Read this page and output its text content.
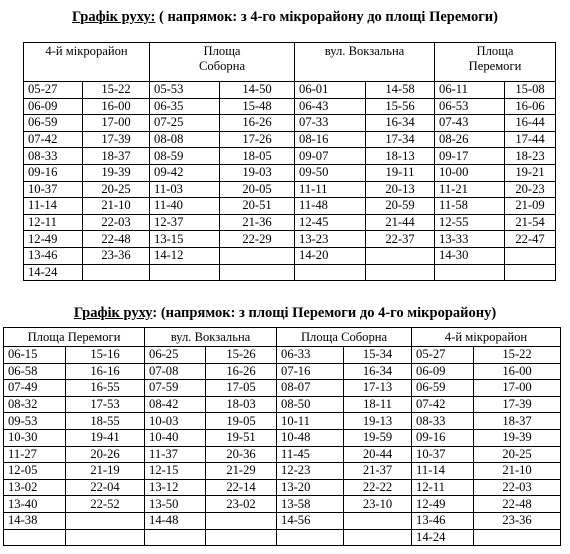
Графік руху: ( напрямок: з 4-го мікрорайону до площі Перемоги)
4-й мікрорайон		Площа
Соборна		вул. Вокзальна		Площа
Перемоги	

05-27	15-22	05-53	14-50	06-01	14-58	06-11	15-08
06-09	16-00	06-35	15-48	06-43	15-56	06-53	16-06
06-59	17-00	07-25	16-26	07-33	16-34	07-43	16-44
07-42	17-39	08-08	17-26	08-16	17-34	08-26	17-44
08-33	18-37	08-59	18-05	09-07	18-13	09-17	18-23
09-16	19-39	09-42	19-03	09-50	19-11	10-00	19-21
10-37	20-25	11-03	20-05	11-11	20-13	11-21	20-23
11-14	21-10	11-40	20-51	11-48	20-59	11-58	21-09
12-11	22-03	12-37	21-36	12-45	21-44	12-55	21-54
12-49	22-48	13-15	22-29	13-23	22-37	13-33	22-47
13-46	23-36	14-12		14-20		14-30	
14-24							
Графік руху: (напрямок: з площі Перемоги до 4-го мікрорайону)
Площа Перемоги		вул. Вокзальна		Площа Соборна		4-й мікрорайон	
06-15	15-16	06-25	15-26	06-33	15-34	05-27	15-22
06-58	16-16	07-08	16-26	07-16	16-34	06-09	16-00
07-49	16-55	07-59	17-05	08-07	17-13	06-59	17-00
08-32	17-53	08-42	18-03	08-50	18-11	07-42	17-39
09-53	18-55	10-03	19-05	10-11	19-13	08-33	18-37
10-30	19-41	10-40	19-51	10-48	19-59	09-16	19-39
11-27	20-26	11-37	20-36	11-45	20-44	10-37	20-25
12-05	21-19	12-15	21-29	12-23	21-37	11-14	21-10
13-02	22-04	13-12	22-14	13-20	22-22	12-11	22-03
13-40	22-52	13-50	23-02	13-58	23-10	12-49	22-48
14-38		14-48		14-56		13-46	23-36
						14-24	
